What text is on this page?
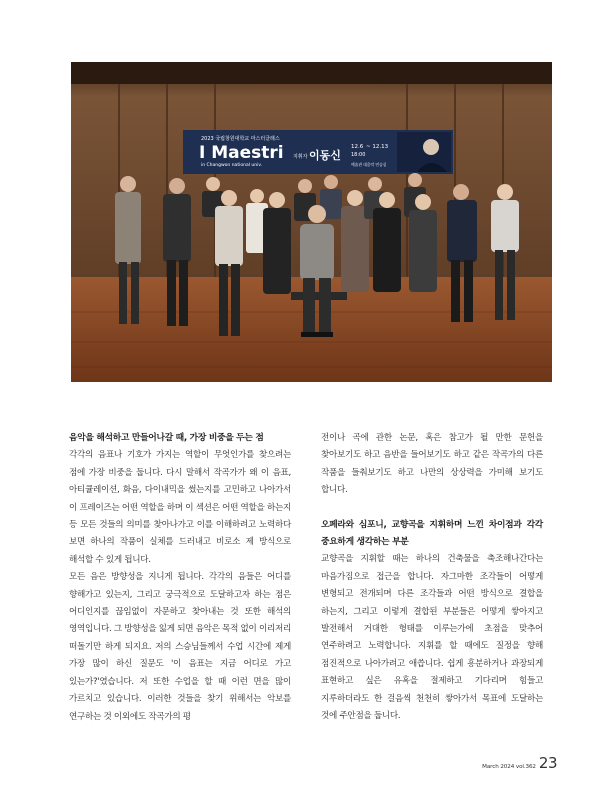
2023 국립창원대학교 마스터클래스
I Maestri
in Changwon national univ.
지휘자 이동신
12.6 ~ 12.13
18:00
예술관 대음악 연습실
음악을 해석하고 만들어나갈 때, 가장 비중을 두는 점

각각의 음표나 기호가 가지는 역할이 무엇인가를 찾으려는 점에 가장 비중을 둡니다. 다시 말해서 작곡가가 왜 이 음표, 아티큘레이션, 화음, 다이내믹을 썼는지를 고민하고 나아가서 이 프레이즈는 어떤 역할을 하며 이 섹션은 어떤 역할을 하는지 등 모든 것들의 의미를 찾아나가고 이를 이해하려고 노력하다 보면 하나의 작품이 실체를 드러내고 비로소 제 방식으로 해석할 수 있게 됩니다.

모든 음은 방향성을 지니게 됩니다. 각각의 음들은 어디를 향해가고 있는지, 그리고 궁극적으로 도달하고자 하는 점은 어디인지를 끊임없이 자문하고 찾아내는 것 또한 해석의 영역입니다. 그 방향성을 잃게 되면 음악은 목적 없이 이리저리 떠돌기만 하게 되지요. 저의 스승님들께서 수업 시간에 제게 가장 많이 하신 질문도 '이 음표는 지금 어디로 가고 있는가?'였습니다. 저 또한 수업을 할 때 이런 면을 많이 가르치고 있습니다. 이러한 것들을 찾기 위해서는 악보를 연구하는 것 이외에도 작곡가의 평

전이나 곡에 관한 논문, 혹은 참고가 될 만한 문헌을 찾아보기도 하고 음반을 들어보기도 하고 같은 작곡가의 다른 작품을 들춰보기도 하고 나만의 상상력을 가미해 보기도 합니다.

오페라와 심포니, 교향곡을 지휘하며 느낀 차이점과 각각 중요하게 생각하는 부분

교향곡을 지휘할 때는 하나의 건축물을 축조해나간다는 마음가짐으로 접근을 합니다. 자그마한 조각들이 어떻게 변형되고 전개되며 다른 조각들과 어떤 방식으로 결합을 하는지, 그리고 이렇게 결합된 부분들은 어떻게 쌓아지고 발전해서 거대한 형태를 이루는가에 초점을 맞추어 연주하려고 노력합니다. 지휘를 할 때에도 질정을 향해 점진적으로 나아가려고 애씁니다. 쉽게 흥분하거나 과장되게 표현하고 싶은 유혹을 절제하고 기다리며 힘들고 지루하더라도 한 걸음씩 천천히 쌓아가서 목표에 도달하는 것에 주안점을 둡니다.

March 2024 vol.362 23
